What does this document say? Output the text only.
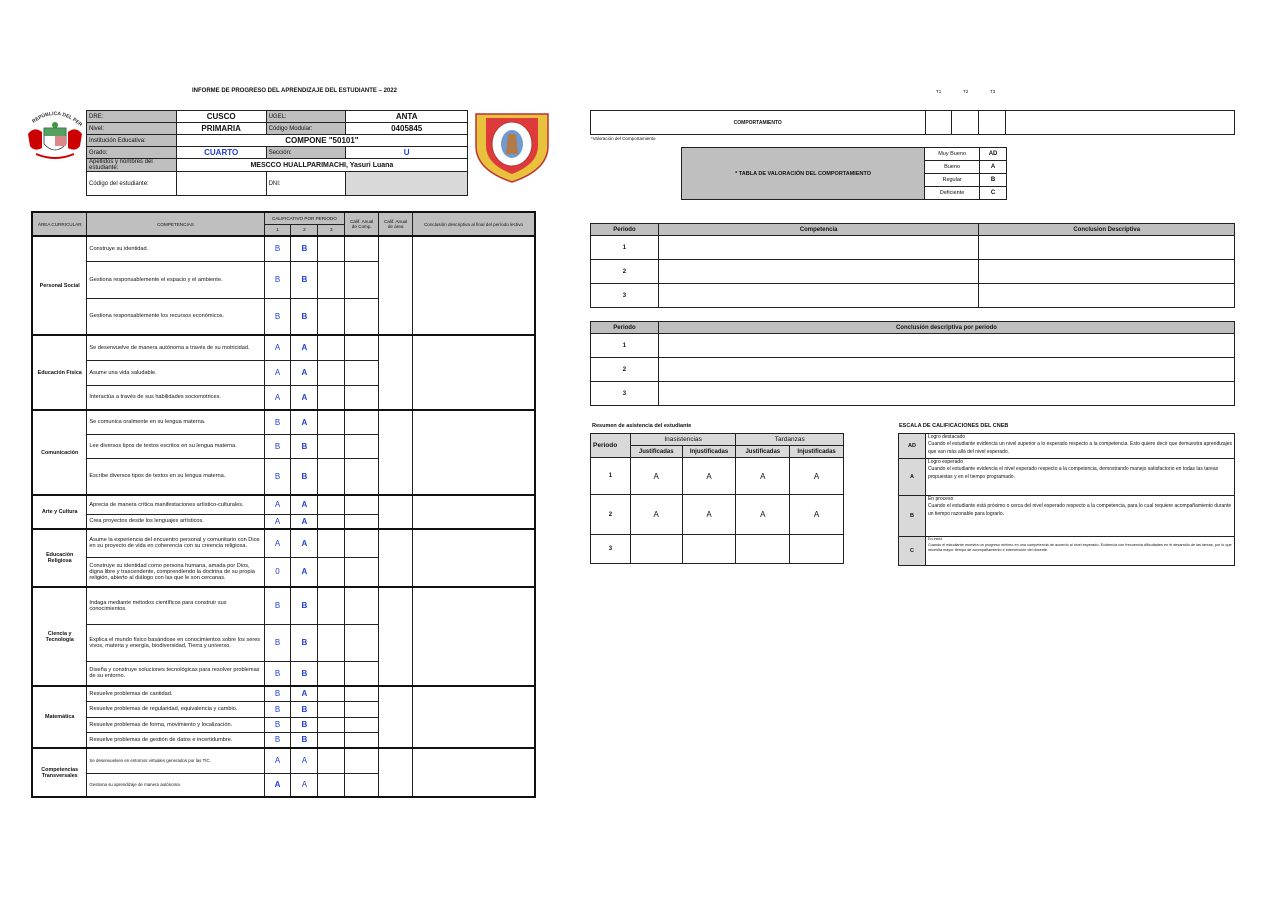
INFORME DE PROGRESO DEL APRENDIZAJE DEL ESTUDIANTE – 2022	T1	T2	T3
REPÚBLICA DEL PER
DRE:	CUSCO	UGEL:	ANTA
Nivel:	PRIMARIA	Código Modular:	0405845
Institución Educativa:	COMPONE "50101"		
Grado:	CUARTO	Sección:	U
Apellidos y nombres del estudiante:	MESCCO HUALLPARIMACHI, Yasuri Luana		
Código del estudiante:		DNI:	
ÁREA CURRICULAR	COMPETENCIAS	CALIFICATIVO POR PERIODO			Calif. Anual de Comp.	Calif. Anual de área	Conclusión descriptiva al final del período lectivo
		1	2	3			
Personal Social	Construye su identidad.	B	B				
	Gestiona responsablemente el espacio y el ambiente.	B	B				
	Gestiona responsablemente los recursos económicos.	B	B				
Educación Física	Se desenvuelve de manera autónoma a través de su motricidad.	A	A				
	Asume una vida saludable.	A	A				
	Interactúa a través de sus habilidades sociomotrices.	A	A				
Comunicación	Se comunica oralmente en su lengua materna.	B	A				
	Lee diversos tipos de textos escritos en su lengua materna.	B	B				
	Escribe diversos tipos de textos en su lengua materna.	B	B				
Arte y Cultura	Aprecia de manera crítica manifestaciones artístico-culturales.	A	A				
	Crea proyectos desde los lenguajes artísticos.	A	A				
Educación Religiosa	Asume la experiencia del encuentro personal y comunitario con Dios en su proyecto de vida en coherencia con su creencia religiosa.	A	A				
	Construye su identidad como persona humana, amada por Dios, digna libre y trascendente, comprendiendo la doctrina de su propia religión, abierto al diálogo con las que le son cercanas.	0	A				
Ciencia y Tecnología	Indaga mediante métodos científicos para construir sus conocimientos.	B	B				
	Explica el mundo físico basándose en conocimientos sobre los seres vivos, materia y energía, biodiversidad, Tierra y universo.	B	B				
	Diseña y construye soluciones tecnológicas para resolver problemas de su entorno.	B	B				
Matemática	Resuelve problemas de cantidad.	B	A				
	Resuelve problemas de regularidad, equivalencia y cambio.	B	B				
	Resuelve problemas de forma, movimiento y localización.	B	B				
	Resuelve problemas de gestión de datos e incertidumbre.	B	B				
Competencias Transversales	Se desenvuelven en entornos virtuales generados por las TIC.	A	A				
	Gestiona su aprendizaje de manera autónoma.	A	A				
COMPORTAMIENTO				
*Valoración del Comportamiento
* TABLA DE VALORACIÓN DEL COMPORTAMIENTO	Muy Bueno	AD
	Bueno	A
	Regular	B
	Deficiente	C
Periodo	Competencia	Conclusion Descriptiva
1		
2		
3		
Periodo	Conclusión descriptiva por periodo
1	
2	
3	
Resumen de asistencia del estudiante
Periodo	Inasistencias		Tardanzas	
	Justificadas	Injustificadas	Justificadas	Injustificadas
1	A	A	A	A
2	A	A	A	A
3				
ESCALA DE CALIFICACIONES DEL CNEB
AD	Logro destacado
Cuando el estudiante evidencia un nivel superior a lo esperado respecto a la competencia. Esto quiere decir que demuestra aprendizajes que van más allá del nivel esperado.

A	Logro esperado
Cuando el estudiante evidencia el nivel esperado respecto a la competencia, demostrando manejo satisfactorio en todas las tareas propuestas y en el tiempo programado.

B	En proceso
Cuando el estudiante está próximo o cerca del nivel esperado respecto a la competencia, para lo cual requiere acompañamiento durante un tiempo razonable para lograrlo.

C	En inicio
Cuando el estudiante muestra un progreso mínimo en una competencia de acuerdo al nivel esperado. Evidencia con frecuencia dificultades en el desarrollo de las tareas, por lo que necesita mayor tiempo de acompañamiento e intervención del docente.
